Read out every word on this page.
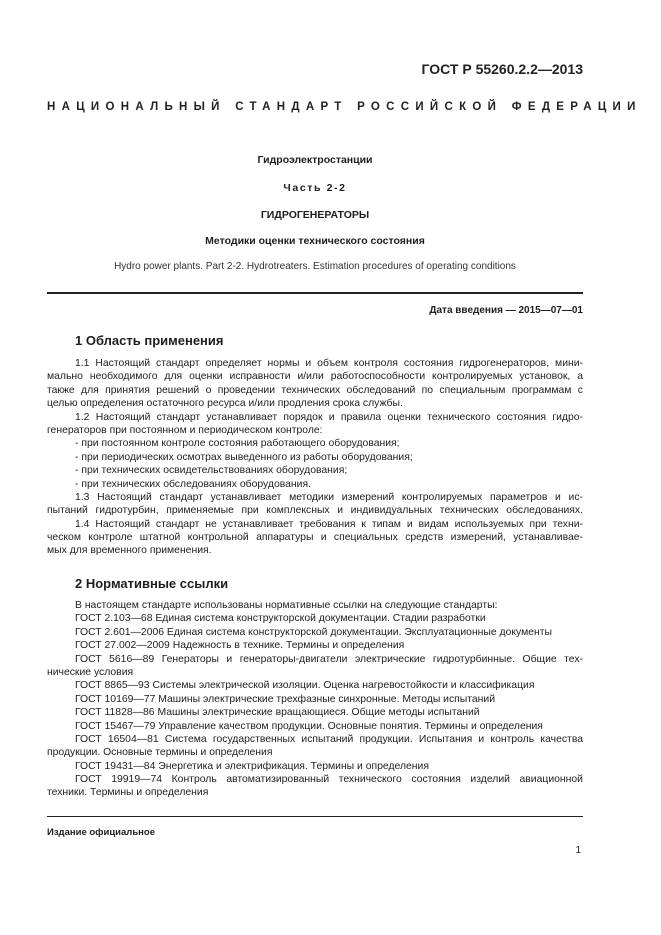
ГОСТ Р 55260.2.2—2013
НАЦИОНАЛЬНЫЙ СТАНДАРТ РОССИЙСКОЙ ФЕДЕРАЦИИ
Гидроэлектростанции
Часть 2-2
ГИДРОГЕНЕРАТОРЫ
Методики оценки технического состояния
Hydro power plants. Part 2-2. Hydrotreaters. Estimation procedures of operating conditions
Дата введения — 2015—07—01
1 Область применения
1.1 Настоящий стандарт определяет нормы и объем контроля состояния гидрогенераторов, мини-
мально необходимого для оценки исправности и/или работоспособности контролируемых установок, а
также для принятия решений о проведении технических обследований по специальным программам с
целью определения остаточного ресурса и/или продления срока службы.
1.2 Настоящий стандарт устанавливает порядок и правила оценки технического состояния гидро-
генераторов при постоянном и периодическом контроле:
- при постоянном контроле состояния работающего оборудования;
- при периодических осмотрах выведенного из работы оборудования;
- при технических освидетельствованиях оборудования;
- при технических обследованиях оборудования.
1.3 Настоящий стандарт устанавливает методики измерений контролируемых параметров и ис-
пытаний гидротурбин, применяемые при комплексных и индивидуальных технических обследованиях.
1.4 Настоящий стандарт не устанавливает требования к типам и видам используемых при техни-
ческом контроле штатной контрольной аппаратуры и специальных средств измерений, устанавливае-
мых для временного применения.
2 Нормативные ссылки
В настоящем стандарте использованы нормативные ссылки на следующие стандарты:
ГОСТ 2.103—68 Единая система конструкторской документации. Стадии разработки
ГОСТ 2.601—2006 Единая система конструкторской документации. Эксплуатационные документы
ГОСТ 27.002—2009 Надежность в технике. Термины и определения
ГОСТ 5616—89 Генераторы и генераторы-двигатели электрические гидротурбинные. Общие тех-
нические условия
ГОСТ 8865—93 Системы электрической изоляции. Оценка нагревостойкости и классификация
ГОСТ 10169—77 Машины электрические трехфазные синхронные. Методы испытаний
ГОСТ 11828—86 Машины электрические вращающиеся. Общие методы испытаний
ГОСТ 15467—79 Управление качеством продукции. Основные понятия. Термины и определения
ГОСТ 16504—81 Система государственных испытаний продукции. Испытания и контроль качества
продукции. Основные термины и определения
ГОСТ 19431—84 Энергетика и электрификация. Термины и определения
ГОСТ 19919—74 Контроль автоматизированный технического состояния изделий авиационной
техники. Термины и определения
Издание официальное
1
